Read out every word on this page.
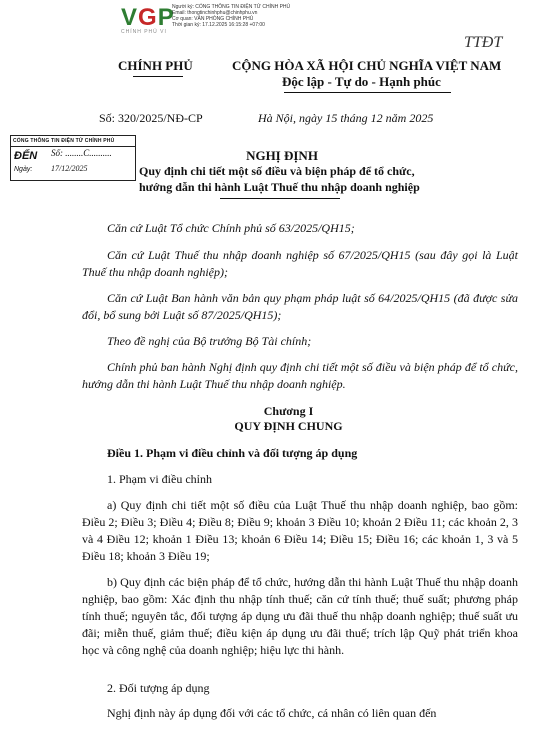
VGP
CHÍNH PHỦ VI
Người ký: CỔNG THÔNG TIN ĐIỆN TỬ CHÍNH PHỦ
Email: thongtinchinhphu@chinhphu.vn
Cơ quan: VĂN PHÒNG CHÍNH PHỦ
Thời gian ký: 17.12.2025 16:15:28 +07:00
TTĐT
CHÍNH PHỦ	CỘNG HÒA XÃ HỘI CHỦ NGHĨA VIỆT NAM
Độc lập - Tự do - Hạnh phúc
Số: 320/2025/NĐ-CP	Hà Nội, ngày 15 tháng 12 năm 2025
CỔNG THÔNG TIN ĐIỆN TỬ CHÍNH PHỦ
ĐẾN Số: ........C..........
Ngày: 17/12/2025
NGHỊ ĐỊNH
Quy định chi tiết một số điều và biện pháp để tổ chức,
hướng dẫn thi hành Luật Thuế thu nhập doanh nghiệp
Căn cứ Luật Tổ chức Chính phủ số 63/2025/QH15;
Căn cứ Luật Thuế thu nhập doanh nghiệp số 67/2025/QH15 (sau đây gọi là Luật Thuế thu nhập doanh nghiệp);
Căn cứ Luật Ban hành văn bản quy phạm pháp luật số 64/2025/QH15 (đã được sửa đổi, bổ sung bởi Luật số 87/2025/QH15);
Theo đề nghị của Bộ trưởng Bộ Tài chính;
Chính phủ ban hành Nghị định quy định chi tiết một số điều và biện pháp để tổ chức, hướng dẫn thi hành Luật Thuế thu nhập doanh nghiệp.
Chương I
QUY ĐỊNH CHUNG
Điều 1. Phạm vi điều chỉnh và đối tượng áp dụng
1. Phạm vi điều chỉnh
a) Quy định chi tiết một số điều của Luật Thuế thu nhập doanh nghiệp, bao gồm: Điều 2; Điều 3; Điều 4; Điều 8; Điều 9; khoản 3 Điều 10; khoản 2 Điều 11; các khoản 2, 3 và 4 Điều 12; khoản 1 Điều 13; khoản 6 Điều 14; Điều 15; Điều 16; các khoản 1, 3 và 5 Điều 18; khoản 3 Điều 19;
b) Quy định các biện pháp để tổ chức, hướng dẫn thi hành Luật Thuế thu nhập doanh nghiệp, bao gồm: Xác định thu nhập tính thuế; căn cứ tính thuế; thuế suất; phương pháp tính thuế; nguyên tắc, đối tượng áp dụng ưu đãi thuế thu nhập doanh nghiệp; thuế suất ưu đãi; miễn thuế, giảm thuế; điều kiện áp dụng ưu đãi thuế; trích lập Quỹ phát triển khoa học và công nghệ của doanh nghiệp; hiệu lực thi hành.
2. Đối tượng áp dụng
Nghị định này áp dụng đối với các tổ chức, cá nhân có liên quan đến
